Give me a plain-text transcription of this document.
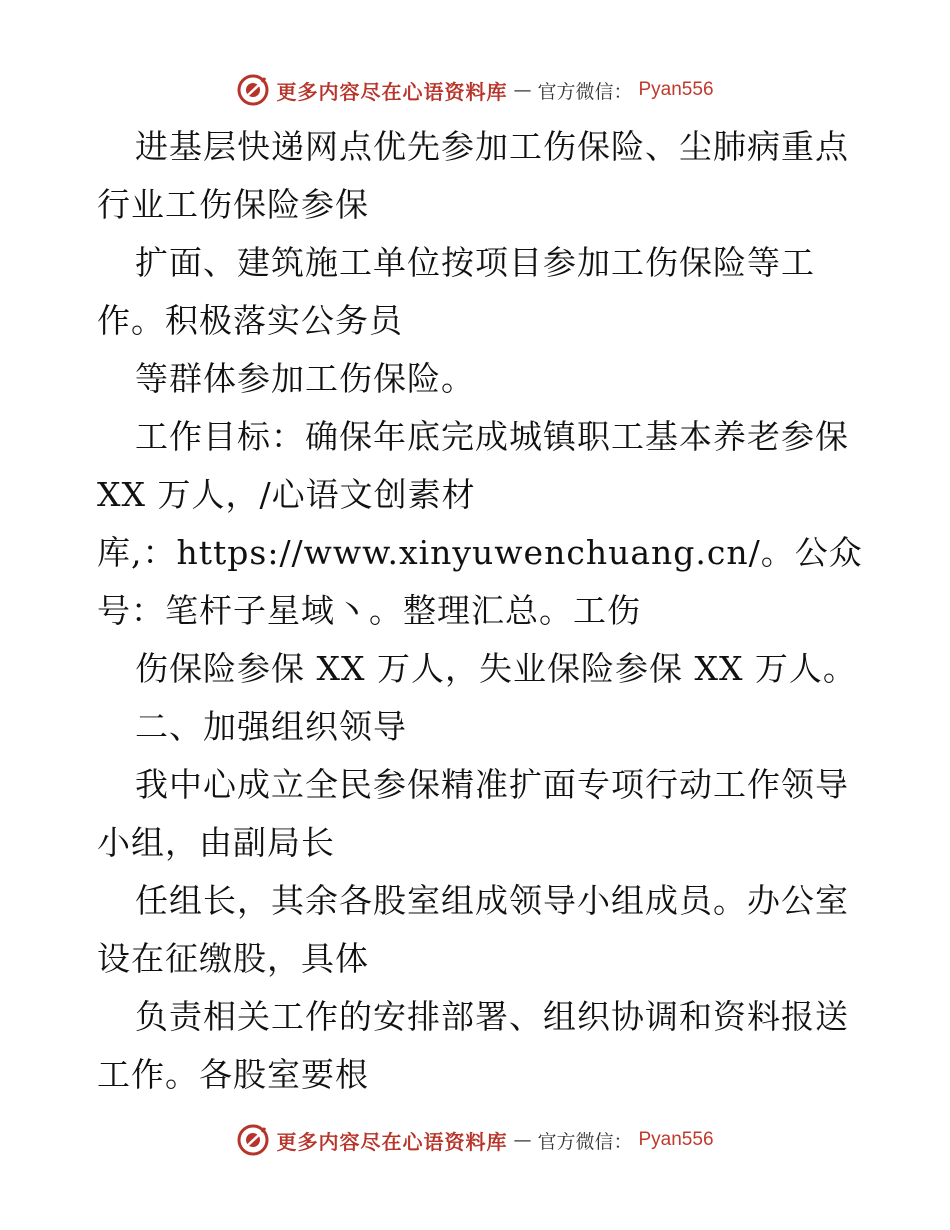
更多内容尽在心语资料库 — 官方微信： Pyan556
进基层快递网点优先参加工伤保险、尘肺病重点
行业工伤保险参保
扩面、建筑施工单位按项目参加工伤保险等工
作。积极落实公务员
等群体参加工伤保险。
工作目标：确保年底完成城镇职工基本养老参保
XX 万人，/心语文创素材
库,：https://www.xinyuwenchuang.cn/。公众
号：笔杆子星域丶。整理汇总。工伤
伤保险参保 XX 万人，失业保险参保 XX 万人。
二、加强组织领导
我中心成立全民参保精准扩面专项行动工作领导
小组，由副局长
任组长，其余各股室组成领导小组成员。办公室
设在征缴股，具体
负责相关工作的安排部署、组织协调和资料报送
工作。各股室要根
更多内容尽在心语资料库 — 官方微信： Pyan556
